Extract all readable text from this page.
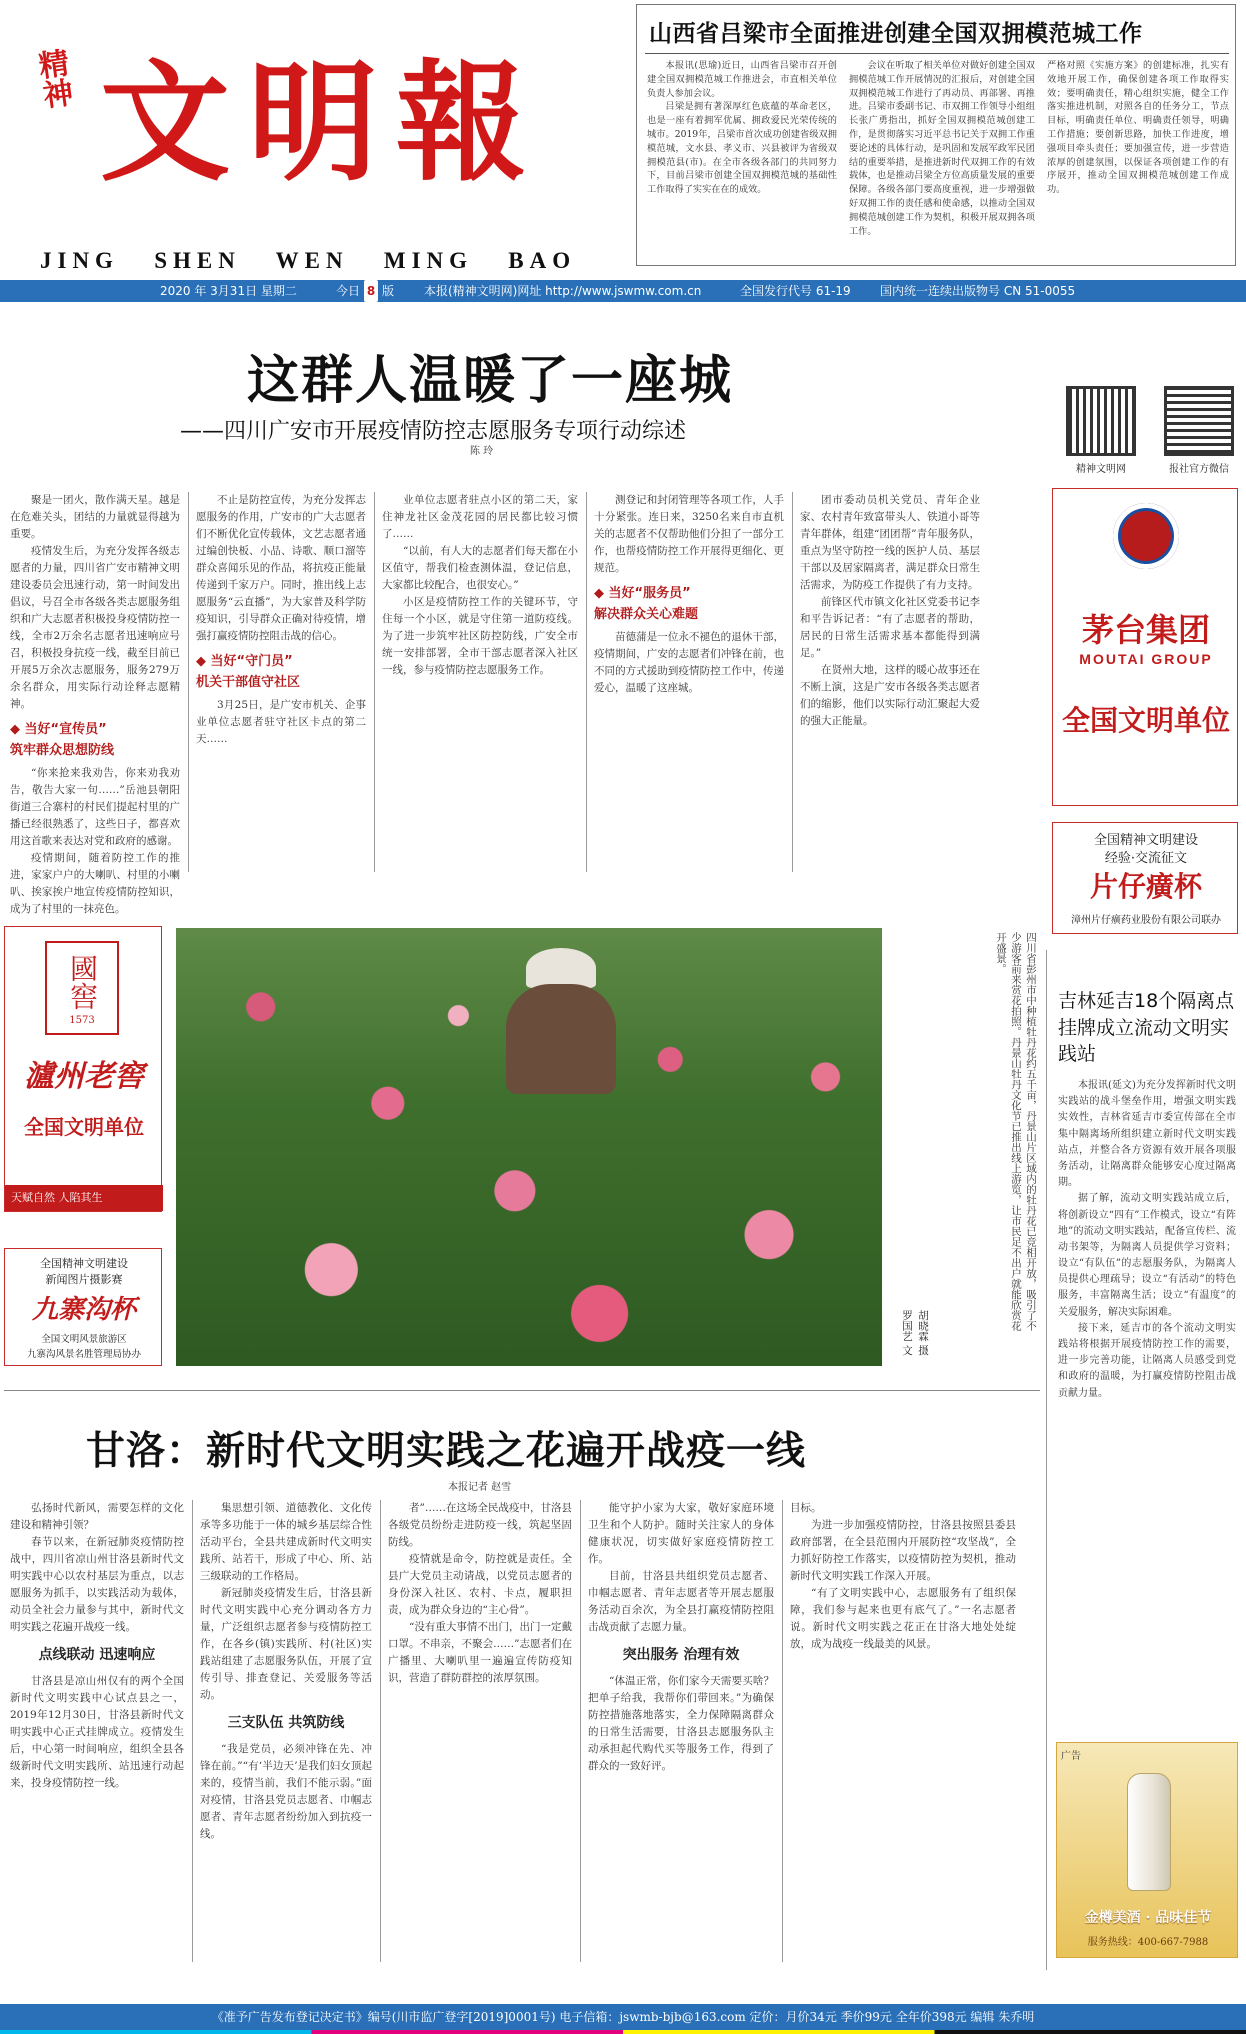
精神 文明報
JING   SHEN   WEN   MING   BAO
山西省吕梁市全面推进创建全国双拥模范城工作

本报讯(思瑜)近日，山西省吕梁市召开创建全国双拥模范城工作推进会，市直相关单位负责人参加会议。

吕梁是拥有著深厚红色底蕴的革命老区，也是一座有着拥军优属、拥政爱民光荣传统的城市。2019年，吕梁市首次成功创建省级双拥模范城，文水县、孝义市、兴县被评为省级双拥模范县(市)。在全市各级各部门的共同努力下，目前吕梁市创建全国双拥模范城的基础性工作取得了实实在在的成效。

会议在听取了相关单位对做好创建全国双拥模范城工作开展情况的汇报后，对创建全国双拥模范城工作进行了再动员、再部署、再推进。吕梁市委副书记、市双拥工作领导小组组长张广勇指出，抓好全国双拥模范城创建工作，是贯彻落实习近平总书记关于双拥工作重要论述的具体行动，是巩固和发展军政军民团结的重要举措，是推进新时代双拥工作的有效载体，也是推动吕梁全方位高质量发展的重要保障。各级各部门要高度重视，进一步增强做好双拥工作的责任感和使命感，以推动全国双拥模范城创建工作为契机，积极开展双拥各项工作。
严格对照《实施方案》的创建标准，扎实有效地开展工作，确保创建各项工作取得实效；要明确责任，精心组织实施，健全工作落实推进机制，对照各自的任务分工，节点目标，明确责任单位、明确责任领导，明确工作措施；要创新思路，加快工作进度，增强项目牵头责任；要加强宣传，进一步营造浓厚的创建氛围，以保证各项创建工作的有序展开，推动全国双拥模范城创建工作成功。
2020 年 3月31日 星期二	今日 8 版 本报(精神文明网)网址 http://www.jswmw.com.cn	全国发行代号 61-19 国内统一连续出版物号 CN 51-0055
这群人温暖了一座城
——四川广安市开展疫情防控志愿服务专项行动综述
陈 玲
精神文明网	报社官方微信

聚是一团火，散作满天星。越是在危难关头，团结的力量就显得越为重要。

疫情发生后，为充分发挥各级志愿者的力量，四川省广安市精神文明建设委员会迅速行动，第一时间发出倡议，号召全市各级各类志愿服务组织和广大志愿者积极投身疫情防控一线，全市2万余名志愿者迅速响应号召，积极投身抗疫一线，截至目前已开展5万余次志愿服务，服务279万余名群众，用实际行动诠释志愿精神。

◆ 当好“宣传员”
筑牢群众思想防线

“你来抢来我劝告，你来劝我劝告，敬告大家一句……”岳池县朝阳街道三合寨村的村民们提起村里的广播已经很熟悉了，这些日子，都喜欢用这首歌来表达对党和政府的感谢。

疫情期间，随着防控工作的推进，家家户户的大喇叭、村里的小喇叭、挨家挨户地宣传疫情防控知识，成为了村里的一抹亮色。

不止是防控宣传，为充分发挥志愿服务的作用，广安市的广大志愿者们不断优化宣传载体，文艺志愿者通过编创快板、小品、诗歌、顺口溜等群众喜闻乐见的作品，将抗疫正能量传递到千家万户。同时，推出线上志愿服务“云直播”，为大家普及科学防疫知识，引导群众正确对待疫情，增强打赢疫情防控阻击战的信心。

◆ 当好“守门员”
机关干部值守社区

3月25日，是广安市机关、企事业单位志愿者驻守社区卡点的第二天……

业单位志愿者驻点小区的第二天，家住神龙社区金茂花园的居民都比较习惯了……

“以前，有人大的志愿者们每天都在小区值守，帮我们检查测体温，登记信息，大家都比较配合，也很安心。”

小区是疫情防控工作的关键环节，守住每一个小区，就是守住第一道防疫线。为了进一步筑牢社区防控防线，广安全市统一安排部署，全市干部志愿者深入社区一线，参与疫情防控志愿服务工作。

测登记和封闭管理等各项工作，人手十分紧张。连日来，3250名来自市直机关的志愿者不仅帮助他们分担了一部分工作，也帮疫情防控工作开展得更细化、更规范。

◆ 当好“服务员”
解决群众关心难题

苗德蒲是一位永不褪色的退休干部，疫情期间，广安的志愿者们冲锋在前，也不同的方式援助到疫情防控工作中，传递爱心，温暖了这座城。

团市委动员机关党员、青年企业家、农村青年致富带头人、铁道小哥等青年群体，组建“团团帮”青年服务队，重点为坚守防控一线的医护人员、基层干部以及居家隔离者，满足群众日常生活需求，为防疫工作提供了有力支持。

前锋区代市镇文化社区党委书记李和平告诉记者：“有了志愿者的帮助，居民的日常生活需求基本都能得到满足。”

在贤州大地，这样的暖心故事还在不断上演，这是广安市各级各类志愿者们的缩影，他们以实际行动汇聚起大爱的强大正能量。

茅台集团
MOUTAI GROUP
全国文明单位
全国精神文明建设
经验·交流征文
片仔癀杯
漳州片仔癀药业股份有限公司联办
國窖
1573
瀘州老窖
全国文明单位
天赋自然 人陷其生
全国精神文明建设
新闻图片摄影赛
九寨沟杯
全国文明风景旅游区
九寨沟风景名胜管理局协办
四川省彭州市中种植牡丹花约五千亩，丹景山片区域内的牡丹花已竞相开放，吸引了不少游客前来赏花拍照。丹景山牡丹文化节已推出线上游览，让市民足不出户就能欣赏花开盛景。
胡晓霖 摄
罗国艺 文
吉林延吉18个隔离点挂牌成立流动文明实践站

本报讯(延文)为充分发挥新时代文明实践站的战斗堡垒作用，增强文明实践实效性，吉林省延吉市委宣传部在全市集中隔离场所组织建立新时代文明实践站点，并整合各方资源有效开展各项服务活动，让隔离群众能够安心度过隔离期。

据了解，流动文明实践站成立后，将创新设立“四有”工作模式，设立“有阵地”的流动文明实践站，配备宣传栏、流动书架等，为隔离人员提供学习资料；设立“有队伍”的志愿服务队，为隔离人员提供心理疏导；设立“有活动”的特色服务，丰富隔离生活；设立“有温度”的关爱服务，解决实际困难。

接下来，延吉市的各个流动文明实践站将根据开展疫情防控工作的需要，进一步完善功能，让隔离人员感受到党和政府的温暖，为打赢疫情防控阻击战贡献力量。

广告
金樽美酒 · 品味佳节
服务热线：400-667-7988
甘洛：新时代文明实践之花遍开战疫一线
本报记者 赵雪

弘扬时代新风，需要怎样的文化建设和精神引领？

春节以来，在新冠肺炎疫情防控战中，四川省凉山州甘洛县新时代文明实践中心以农村基层为重点，以志愿服务为抓手，以实践活动为载体，动员全社会力量参与其中，新时代文明实践之花遍开战疫一线。

点线联动 迅速响应

甘洛县是凉山州仅有的两个全国新时代文明实践中心试点县之一，2019年12月30日，甘洛县新时代文明实践中心正式挂牌成立。疫情发生后，中心第一时间响应，组织全县各级新时代文明实践所、站迅速行动起来，投身疫情防控一线。

集思想引领、道德教化、文化传承等多功能于一体的城乡基层综合性活动平台，全县共建成新时代文明实践所、站若干，形成了中心、所、站三级联动的工作格局。

新冠肺炎疫情发生后，甘洛县新时代文明实践中心充分调动各方力量，广泛组织志愿者参与疫情防控工作，在各乡(镇)实践所、村(社区)实践站组建了志愿服务队伍，开展了宣传引导、排查登记、关爱服务等活动。

三支队伍 共筑防线

“我是党员，必须冲锋在先、冲锋在前。”“有‘半边天’是我们妇女顶起来的，疫情当前，我们不能示弱。”面对疫情，甘洛县党员志愿者、巾帼志愿者、青年志愿者纷纷加入到抗疫一线。

者”……在这场全民战疫中，甘洛县各级党员纷纷走进防疫一线，筑起坚固防线。

疫情就是命令，防控就是责任。全县广大党员主动请战，以党员志愿者的身份深入社区、农村、卡点，履职担责，成为群众身边的“主心骨”。

“没有重大事情不出门，出门一定戴口罩。不串亲，不聚会……”志愿者们在广播里、大喇叭里一遍遍宣传防疫知识，营造了群防群控的浓厚氛围。

能守护小家为大家，敬好家庭环境卫生和个人防护。随时关注家人的身体健康状况，切实做好家庭疫情防控工作。

目前，甘洛县共组织党员志愿者、巾帼志愿者、青年志愿者等开展志愿服务活动百余次，为全县打赢疫情防控阻击战贡献了志愿力量。

突出服务 治理有效

“体温正常，你们家今天需要买啥？把单子给我，我帮你们带回来。”为确保防控措施落地落实，全力保障隔离群众的日常生活需要，甘洛县志愿服务队主动承担起代购代买等服务工作，得到了群众的一致好评。

目标。

为进一步加强疫情防控，甘洛县按照县委县政府部署，在全县范围内开展防控“攻坚战”，全力抓好防控工作落实，以疫情防控为契机，推动新时代文明实践工作深入开展。

“有了文明实践中心，志愿服务有了组织保障，我们参与起来也更有底气了。”一名志愿者说。新时代文明实践之花正在甘洛大地处处绽放，成为战疫一线最美的风景。

《准予广告发布登记决定书》编号(川市监广登字[2019]0001号) 电子信箱：jswmb-bjb@163.com 定价：月价34元 季价99元 全年价398元 编辑 朱乔明
